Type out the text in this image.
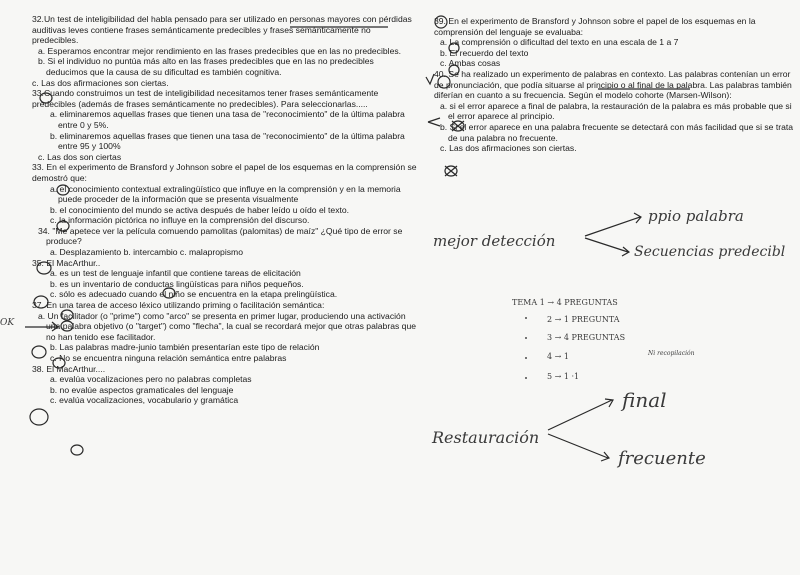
32.Un test de inteligibilidad del habla pensado para ser utilizado en personas mayores con pérdidas auditivas leves contiene frases semánticamente predecibles y frases semánticamente no predecibles.

a. Esperamos encontrar mejor rendimiento en las frases predecibles que en las no predecibles.

b. Si el individuo no puntúa más alto en las frases predecibles que en las no predecibles deducimos que la causa de su dificultad es también cognitiva.

c. Las dos afirmaciones son ciertas.

33.Cuando construimos un test de inteligibilidad necesitamos tener frases semánticamente predecibles (además de frases semánticamente no predecibles). Para seleccionarlas.....

a. eliminaremos aquellas frases que tienen una tasa de "reconocimiento" de la última palabra entre 0 y 5%.

b. eliminaremos aquellas frases que tienen una tasa de "reconocimiento" de la última palabra entre 95 y 100%

c. Las dos son ciertas

33. En el experimento de Bransford y Johnson sobre el papel de los esquemas en la comprensión se demostró que:

a. el conocimiento contextual extralingüístico que influye en la comprensión y en la memoria puede proceder de la información que se presenta visualmente

b. el conocimiento del mundo se activa después de haber leído u oído el texto.

c. la información pictórica no influye en la comprensión del discurso.

34. "Me apetece ver la película comuendo pamolitas (palomitas) de maíz" ¿Qué tipo de error se produce?

a. Desplazamiento b. intercambio c. malapropismo

35. El MacArthur..

a. es un test de lenguaje infantil que contiene tareas de elicitación

b. es un inventario de conductas lingüísticas para niños pequeños.

c. sólo es adecuado cuando el niño se encuentra en la etapa prelingüística.

37. En una tarea de acceso léxico utilizando priming o facilitación semántica:

a. Un facilitador (o "prime") como "arco" se presenta en primer lugar, produciendo una activación una palabra objetivo (o "target") como "flecha", la cual se recordará mejor que otras palabras que no han tenido ese facilitador.

b. Las palabras madre-junio también presentarían este tipo de relación

c. No se encuentra ninguna relación semántica entre palabras

38. El MacArthur....

a. evalúa vocalizaciones pero no palabras completas

b. no evalúe aspectos gramaticales del lenguaje

c. evalúa vocalizaciones, vocabulario y gramática

39. En el experimento de Bransford y Johnson sobre el papel de los esquemas en la comprensión del lenguaje se evaluaba:

a. La comprensión o dificultad del texto en una escala de 1 a 7

b. El recuerdo del texto

c. Ambas cosas

40. Se ha realizado un experimento de palabras en contexto. Las palabras contenían un error de pronunciación, que podía situarse al principio o al final de la palabra. Las palabras también diferían en cuanto a su frecuencia. Según el modelo cohorte (Marsen-Wilson):

a. si el error aparece a final de palabra, la restauración de la palabra es más probable que si el error aparece al principio.

b. Si el error aparece en una palabra frecuente se detectará con más facilidad que si se trata de una palabra no frecuente.

c. Las dos afirmaciones son ciertas.

ppio palabra
mejor detección
Secuencias predecibl
TEMA 1 → 4 PREGUNTAS
2 → 1 PREGUNTA
3 → 4 PREGUNTAS
4 → 1
5 → 1 ·1
Ni recopilación
final
Restauración
frecuente
OK
